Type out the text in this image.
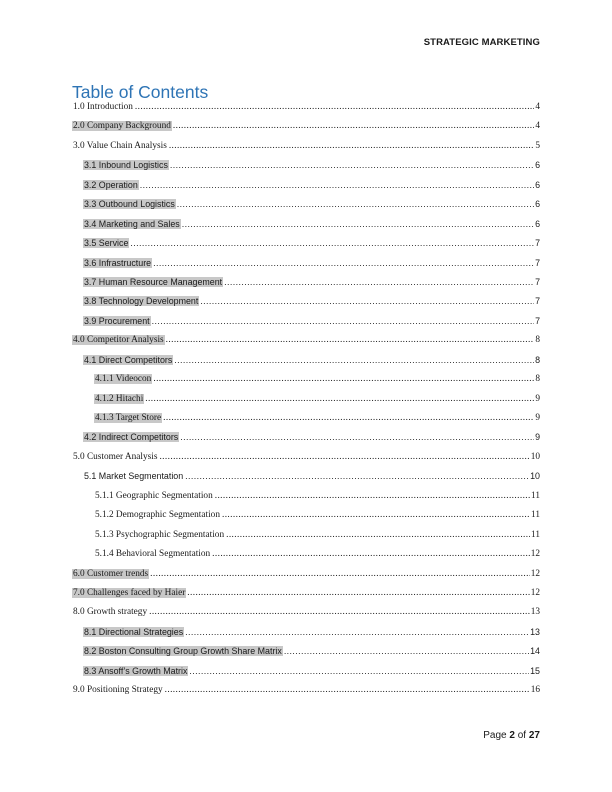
STRATEGIC MARKETING
Table of Contents
1.0 Introduction .....	4
2.0 Company Background .....	4
3.0 Value Chain Analysis .....	5
3.1 Inbound Logistics .....	6
3.2 Operation .....	6
3.3 Outbound Logistics .....	6
3.4 Marketing and Sales .....	6
3.5 Service .....	7
3.6 Infrastructure .....	7
3.7 Human Resource Management .....	7
3.8 Technology Development .....	7
3.9 Procurement .....	7
4.0 Competitor Analysis .....	8
4.1 Direct Competitors .....	8
4.1.1 Videocon .....	8
4.1.2 Hitachi .....	9
4.1.3 Target Store .....	9
4.2 Indirect Competitors .....	9
5.0 Customer Analysis .....	10
5.1 Market Segmentation .....	10
5.1.1 Geographic Segmentation .....	11
5.1.2 Demographic Segmentation .....	11
5.1.3 Psychographic Segmentation .....	11
5.1.4 Behavioral Segmentation .....	12
6.0 Customer trends .....	12
7.0 Challenges faced by Haier .....	12
8.0 Growth strategy .....	13
8.1 Directional Strategies .....	13
8.2 Boston Consulting Group Growth Share Matrix .....	14
8.3 Ansoff’s Growth Matrix .....	15
9.0 Positioning Strategy .....	16
Page 2 of 27
